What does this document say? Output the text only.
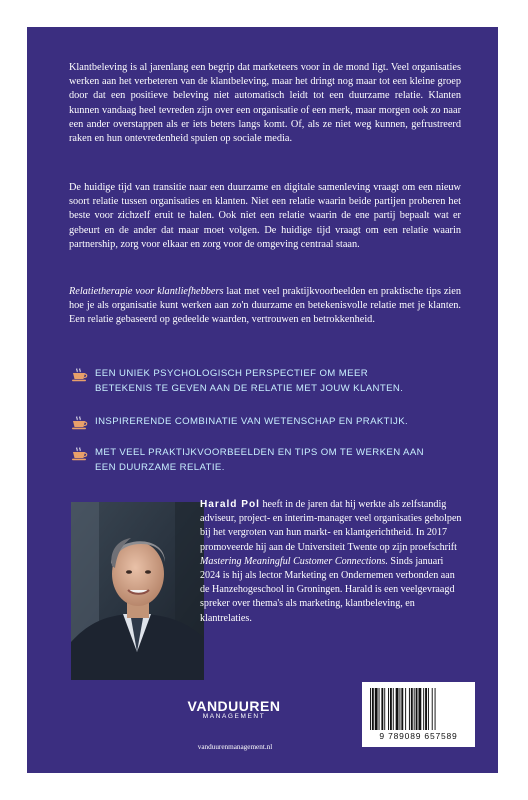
Klantbeleving is al jarenlang een begrip dat marketeers voor in de mond ligt. Veel organisaties werken aan het verbeteren van de klantbeleving, maar het dringt nog maar tot een kleine groep door dat een positieve beleving niet automatisch leidt tot een duurzame relatie. Klanten kunnen vandaag heel tevreden zijn over een organisatie of een merk, maar morgen ook zo naar een ander overstappen als er iets beters langs komt. Of, als ze niet weg kunnen, gefrustreerd raken en hun ontevredenheid spuien op sociale media.

De huidige tijd van transitie naar een duurzame en digitale samenleving vraagt om een nieuw soort relatie tussen organisaties en klanten. Niet een relatie waarin beide partijen proberen het beste voor zichzelf eruit te halen. Ook niet een relatie waarin de ene partij bepaalt wat er gebeurt en de ander dat maar moet volgen. De huidige tijd vraagt om een relatie waarin partnership, zorg voor elkaar en zorg voor de omgeving centraal staan.

Relatietherapie voor klantliefhebbers laat met veel praktijkvoorbeelden en praktische tips zien hoe je als organisatie kunt werken aan zo'n duurzame en betekenisvolle relatie met je klanten. Een relatie gebaseerd op gedeelde waarden, vertrouwen en betrokkenheid.

EEN UNIEK PSYCHOLOGISCH PERSPECTIEF OM MEER BETEKENIS TE GEVEN AAN DE RELATIE MET JOUW KLANTEN.
INSPIRERENDE COMBINATIE VAN WETENSCHAP EN PRAKTIJK.
MET VEEL PRAKTIJKVOORBEELDEN EN TIPS OM TE WERKEN AAN EEN DUURZAME RELATIE.

Harald Pol heeft in de jaren dat hij werkte als zelfstandig adviseur, project- en interim-manager veel organisaties geholpen bij het vergroten van hun markt- en klantgerichtheid. In 2017 promoveerde hij aan de Universiteit Twente op zijn proefschrift Mastering Meaningful Customer Connections. Sinds januari 2024 is hij als lector Marketing en Ondernemen verbonden aan de Hanzehogeschool in Groningen. Harald is een veelgevraagd spreker over thema's als marketing, klantbeleving, en klantrelaties.

VANDUUREN
MANAGEMENT
vanduurenmanagement.nl
9 789089 657589
